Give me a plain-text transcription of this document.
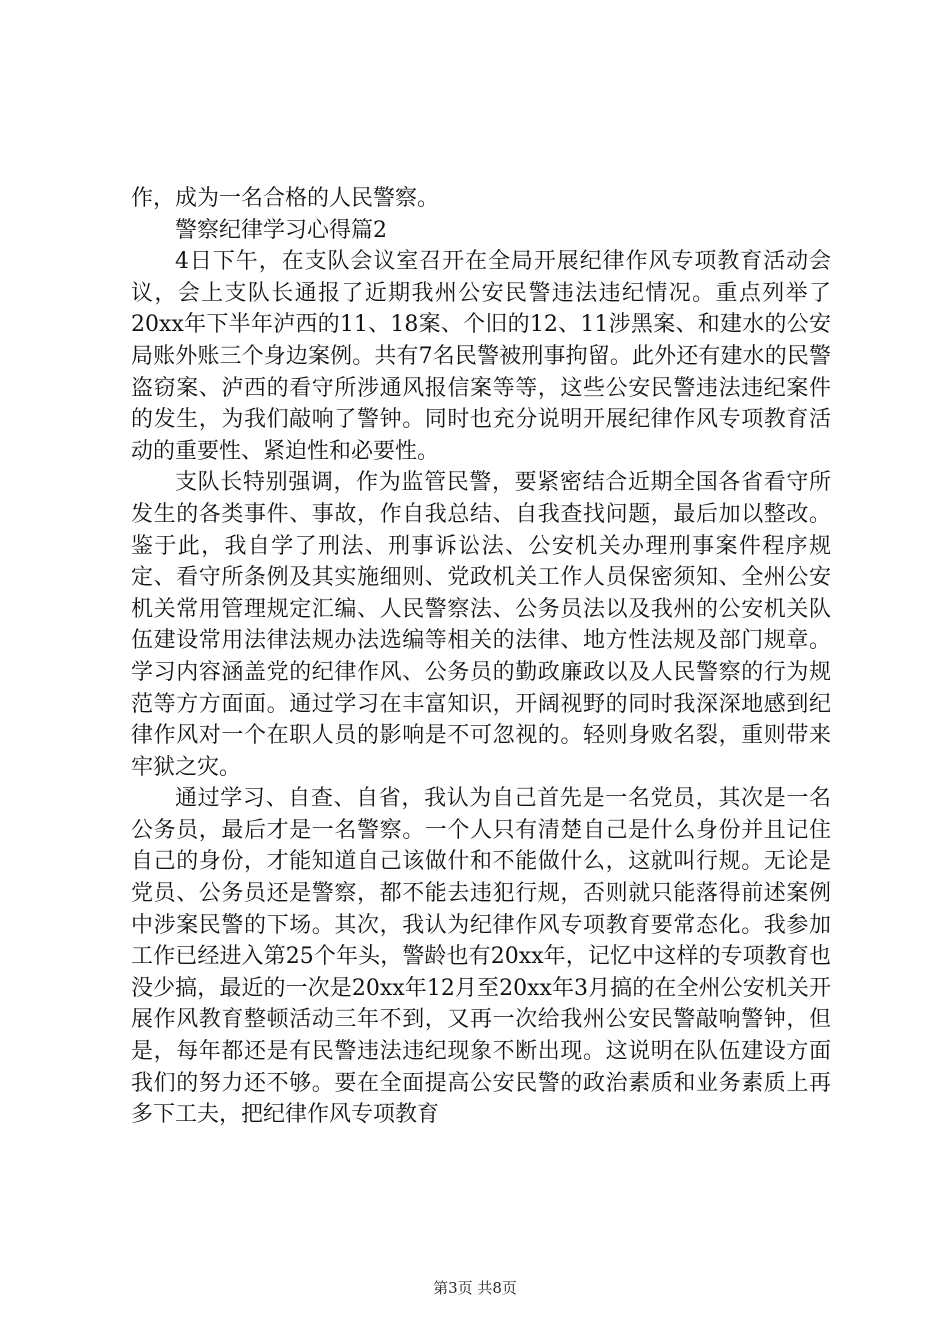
作，成为一名合格的人民警察。

警察纪律学习心得篇2

4日下午，在支队会议室召开在全局开展纪律作风专项教育活动会议，会上支队长通报了近期我州公安民警违法违纪情况。重点列举了20xx年下半年泸西的11、18案、个旧的12、11涉黑案、和建水的公安局账外账三个身边案例。共有7名民警被刑事拘留。此外还有建水的民警盗窃案、泸西的看守所涉通风报信案等等，这些公安民警违法违纪案件的发生，为我们敲响了警钟。同时也充分说明开展纪律作风专项教育活动的重要性、紧迫性和必要性。

支队长特别强调，作为监管民警，要紧密结合近期全国各省看守所发生的各类事件、事故，作自我总结、自我查找问题，最后加以整改。鉴于此，我自学了刑法、刑事诉讼法、公安机关办理刑事案件程序规定、看守所条例及其实施细则、党政机关工作人员保密须知、全州公安机关常用管理规定汇编、人民警察法、公务员法以及我州的公安机关队伍建设常用法律法规办法选编等相关的法律、地方性法规及部门规章。学习内容涵盖党的纪律作风、公务员的勤政廉政以及人民警察的行为规范等方方面面。通过学习在丰富知识，开阔视野的同时我深深地感到纪律作风对一个在职人员的影响是不可忽视的。轻则身败名裂，重则带来牢狱之灾。

通过学习、自查、自省，我认为自己首先是一名党员，其次是一名公务员，最后才是一名警察。一个人只有清楚自己是什么身份并且记住自己的身份，才能知道自己该做什和不能做什么，这就叫行规。无论是党员、公务员还是警察，都不能去违犯行规，否则就只能落得前述案例中涉案民警的下场。其次，我认为纪律作风专项教育要常态化。我参加工作已经进入第25个年头，警龄也有20xx年，记忆中这样的专项教育也没少搞，最近的一次是20xx年12月至20xx年3月搞的在全州公安机关开展作风教育整顿活动三年不到，又再一次给我州公安民警敲响警钟，但是，每年都还是有民警违法违纪现象不断出现。这说明在队伍建设方面我们的努力还不够。要在全面提高公安民警的政治素质和业务素质上再多下工夫，把纪律作风专项教育

第3页 共8页
